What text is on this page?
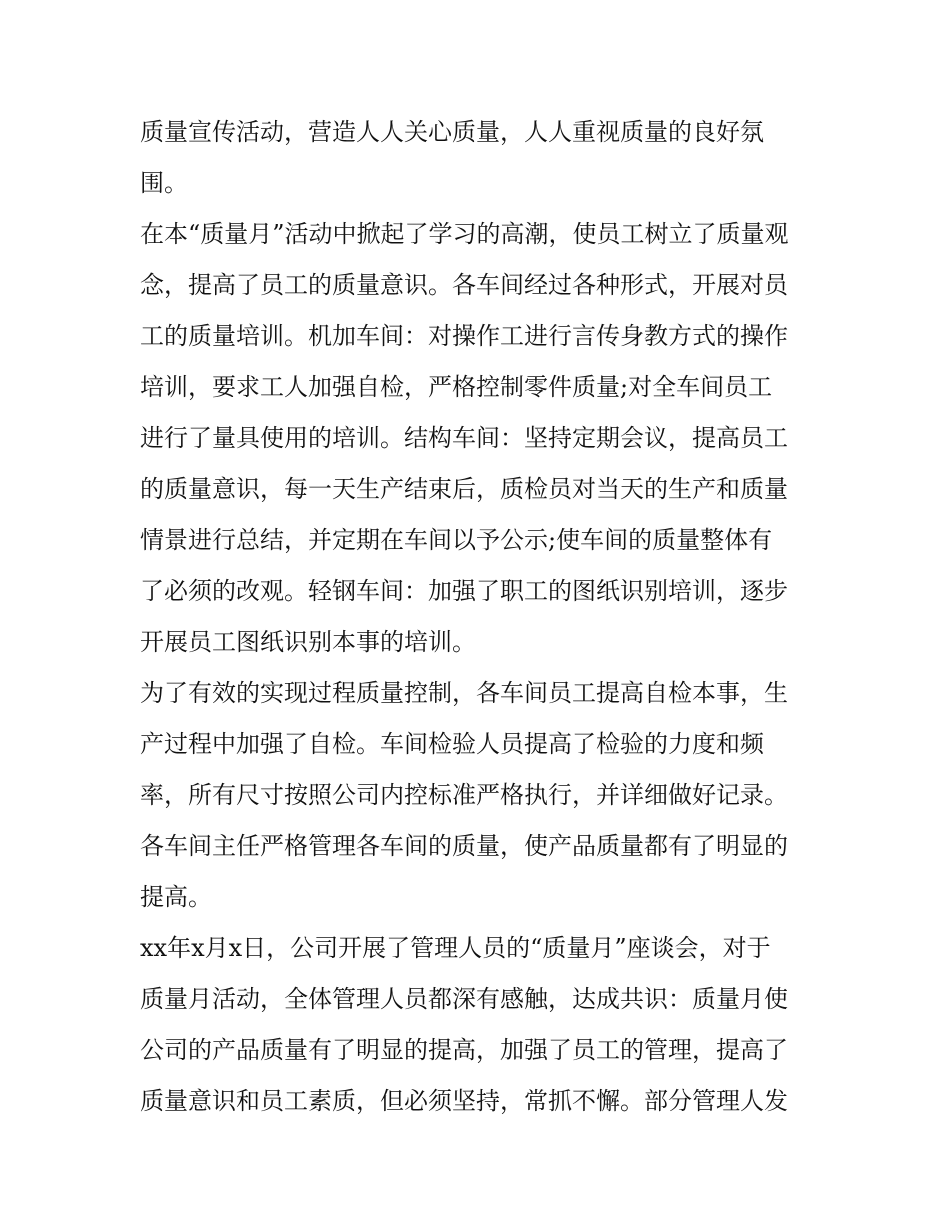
质量宣传活动，营造人人关心质量，人人重视质量的良好氛
围。
在本“质量月”活动中掀起了学习的高潮，使员工树立了质量观
念，提高了员工的质量意识。各车间经过各种形式，开展对员
工的质量培训。机加车间：对操作工进行言传身教方式的操作
培训，要求工人加强自检，严格控制零件质量;对全车间员工
进行了量具使用的培训。结构车间：坚持定期会议，提高员工
的质量意识，每一天生产结束后，质检员对当天的生产和质量
情景进行总结，并定期在车间以予公示;使车间的质量整体有
了必须的改观。轻钢车间：加强了职工的图纸识别培训，逐步
开展员工图纸识别本事的培训。
为了有效的实现过程质量控制，各车间员工提高自检本事，生
产过程中加强了自检。车间检验人员提高了检验的力度和频
率，所有尺寸按照公司内控标准严格执行，并详细做好记录。
各车间主任严格管理各车间的质量，使产品质量都有了明显的
提高。
xx年x月x日，公司开展了管理人员的“质量月”座谈会，对于
质量月活动，全体管理人员都深有感触，达成共识：质量月使
公司的产品质量有了明显的提高，加强了员工的管理，提高了
质量意识和员工素质，但必须坚持，常抓不懈。部分管理人发
